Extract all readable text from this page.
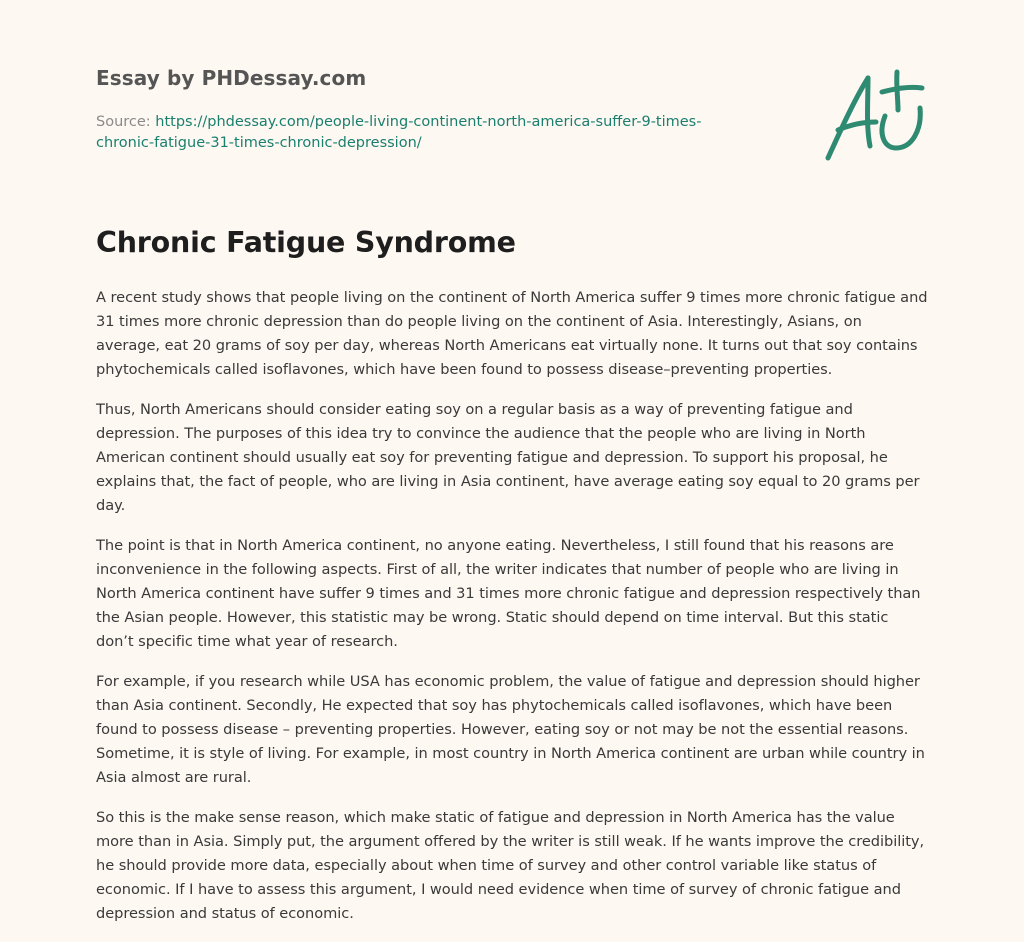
Essay by PHDessay.com
Source: https://phdessay.com/people-living-continent-north-america-suffer-9-times-chronic-fatigue-31-times-chronic-depression/
Chronic Fatigue Syndrome

A recent study shows that people living on the continent of North America suffer 9 times more chronic fatigue and 31 times more chronic depression than do people living on the continent of Asia. Interestingly, Asians, on average, eat 20 grams of soy per day, whereas North Americans eat virtually none. It turns out that soy contains phytochemicals called isoflavones, which have been found to possess disease–preventing properties.

Thus, North Americans should consider eating soy on a regular basis as a way of preventing fatigue and depression. The purposes of this idea try to convince the audience that the people who are living in North American continent should usually eat soy for preventing fatigue and depression. To support his proposal, he explains that, the fact of people, who are living in Asia continent, have average eating soy equal to 20 grams per day.

The point is that in North America continent, no anyone eating. Nevertheless, I still found that his reasons are inconvenience in the following aspects. First of all, the writer indicates that number of people who are living in North America continent have suffer 9 times and 31 times more chronic fatigue and depression respectively than the Asian people. However, this statistic may be wrong. Static should depend on time interval. But this static don’t specific time what year of research.

For example, if you research while USA has economic problem, the value of fatigue and depression should higher than Asia continent. Secondly, He expected that soy has phytochemicals called isoflavones, which have been found to possess disease – preventing properties. However, eating soy or not may be not the essential reasons. Sometime, it is style of living. For example, in most country in North America continent are urban while country in Asia almost are rural.

So this is the make sense reason, which make static of fatigue and depression in North America has the value more than in Asia. Simply put, the argument offered by the writer is still weak. If he wants improve the credibility, he should provide more data, especially about when time of survey and other control variable like status of economic. If I have to assess this argument, I would need evidence when time of survey of chronic fatigue and depression and status of economic.
